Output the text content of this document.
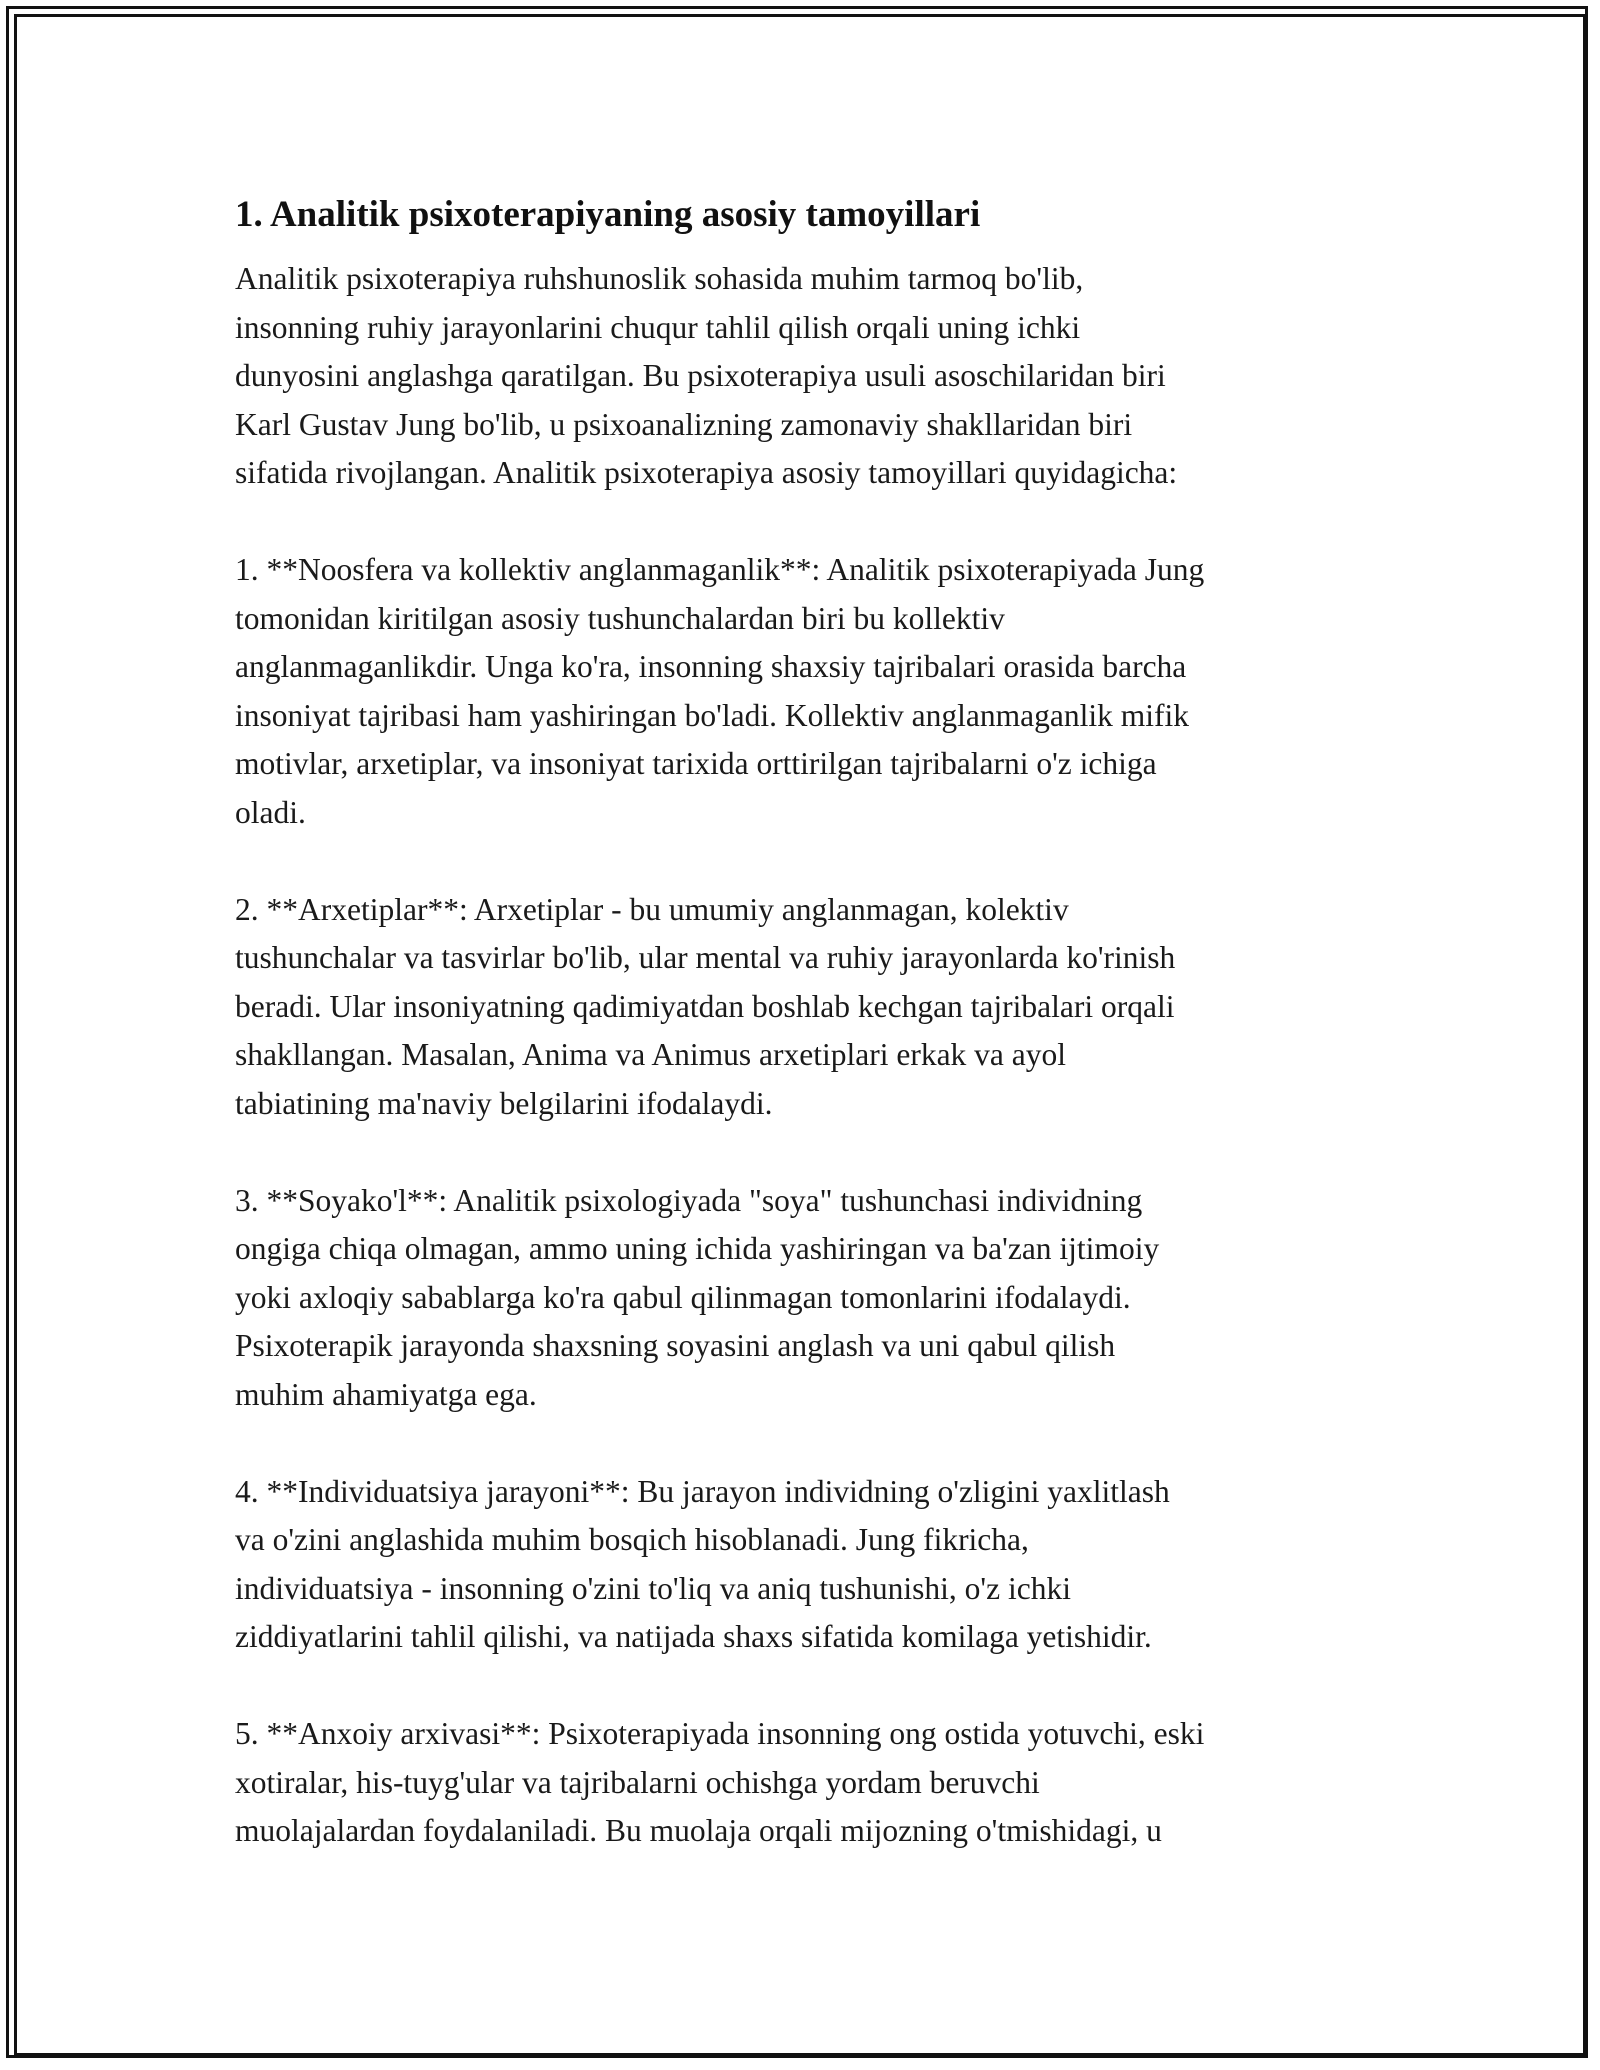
1. Analitik psixoterapiyaning asosiy tamoyillari

Analitik psixoterapiya ruhshunoslik sohasida muhim tarmoq bo'lib,
insonning ruhiy jarayonlarini chuqur tahlil qilish orqali uning ichki
dunyosini anglashga qaratilgan. Bu psixoterapiya usuli asoschilaridan biri
Karl Gustav Jung bo'lib, u psixoanalizning zamonaviy shakllaridan biri
sifatida rivojlangan. Analitik psixoterapiya asosiy tamoyillari quyidagicha:

1. **Noosfera va kollektiv anglanmaganlik**: Analitik psixoterapiyada Jung
tomonidan kiritilgan asosiy tushunchalardan biri bu kollektiv
anglanmaganlikdir. Unga ko'ra, insonning shaxsiy tajribalari orasida barcha
insoniyat tajribasi ham yashiringan bo'ladi. Kollektiv anglanmaganlik mifik
motivlar, arxetiplar, va insoniyat tarixida orttirilgan tajribalarni o'z ichiga
oladi.

2. **Arxetiplar**: Arxetiplar - bu umumiy anglanmagan, kolektiv
tushunchalar va tasvirlar bo'lib, ular mental va ruhiy jarayonlarda ko'rinish
beradi. Ular insoniyatning qadimiyatdan boshlab kechgan tajribalari orqali
shakllangan. Masalan, Anima va Animus arxetiplari erkak va ayol
tabiatining ma'naviy belgilarini ifodalaydi.

3. **Soyako'l**: Analitik psixologiyada "soya" tushunchasi individning
ongiga chiqa olmagan, ammo uning ichida yashiringan va ba'zan ijtimoiy
yoki axloqiy sabablarga ko'ra qabul qilinmagan tomonlarini ifodalaydi.
Psixoterapik jarayonda shaxsning soyasini anglash va uni qabul qilish
muhim ahamiyatga ega.

4. **Individuatsiya jarayoni**: Bu jarayon individning o'zligini yaxlitlash
va o'zini anglashida muhim bosqich hisoblanadi. Jung fikricha,
individuatsiya - insonning o'zini to'liq va aniq tushunishi, o'z ichki
ziddiyatlarini tahlil qilishi, va natijada shaxs sifatida komilaga yetishidir.

5. **Anxoiy arxivasi**: Psixoterapiyada insonning ong ostida yotuvchi, eski
xotiralar, his-tuyg'ular va tajribalarni ochishga yordam beruvchi
muolajalardan foydalaniladi. Bu muolaja orqali mijozning o'tmishidagi, u
